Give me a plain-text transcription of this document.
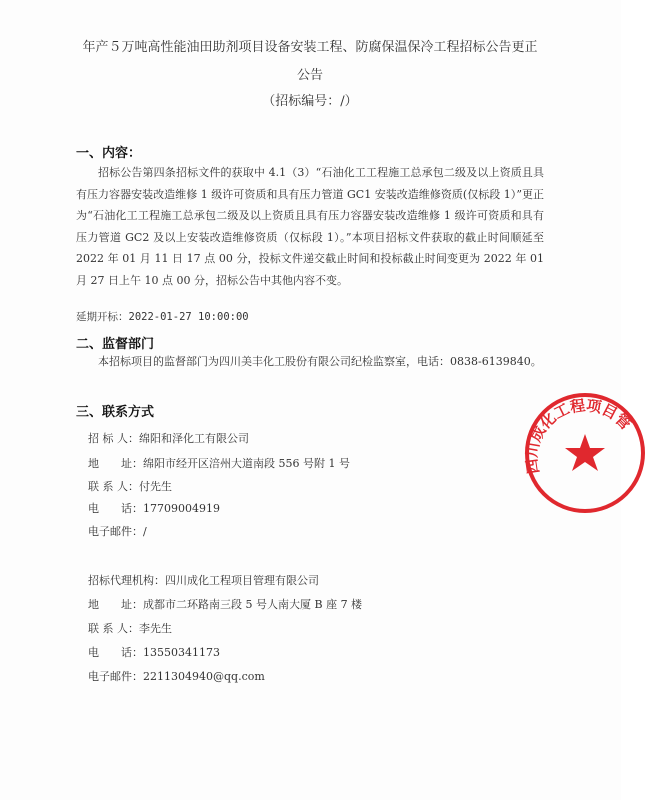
年产５万吨高性能油田助剂项目设备安装工程、防腐保温保冷工程招标公告更正
公告
（招标编号：/）
一、内容：
招标公告第四条招标文件的获取中 4.1（3）“石油化工工程施工总承包二级及以上资质且具有压力容器安装改造维修 1 级许可资质和具有压力管道 GC1 安装改造维修资质(仅标段 1）”更正为“石油化工工程施工总承包二级及以上资质且具有压力容器安装改造维修 1 级许可资质和具有压力管道 GC2 及以上安装改造维修资质（仅标段 1）。”本项目招标文件获取的截止时间顺延至 2022 年 01 月 11 日 17 点 00 分，投标文件递交截止时间和投标截止时间变更为 2022 年 01 月 27 日上午 10 点 00 分，招标公告中其他内容不变。
延期开标：2022-01-27 10:00:00
二、监督部门
本招标项目的监督部门为四川美丰化工股份有限公司纪检监察室，电话：0838-6139840。
三、联系方式
招 标 人：绵阳和泽化工有限公司
地　　址：绵阳市经开区涪州大道南段 556 号附 1 号
联 系 人：付先生
电　　话：17709004919
电子邮件：/
招标代理机构：四川成化工程项目管理有限公司
地　　址：成都市二环路南三段 5 号人南大厦 B 座 7 楼
联 系 人：李先生
电　　话：13550341173
电子邮件：2211304940@qq.com
四川成化工程项目管
